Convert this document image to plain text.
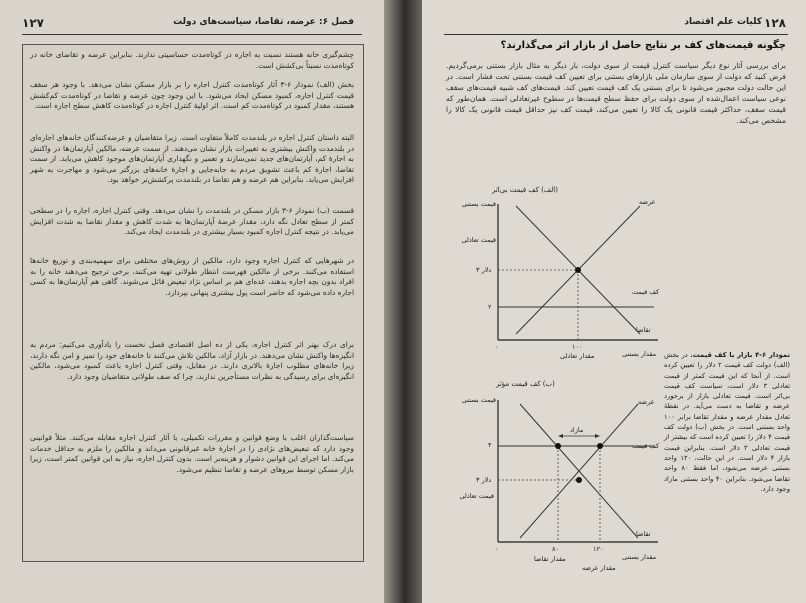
۱۲۷	فصل ۶: عرضه، تقاضا، سیاست‌های دولت
چشم‌گیری خانه هستند نسبت به اجاره در کوتاه‌مدت حساسیتی ندارند. بنابراین عرضه و تقاضای خانه در کوتاه‌مدت نسبتاً بی‌کشش است.
بخش (الف) نمودار ۶-۳ آثار کوتاه‌مدت کنترل اجاره را بر بازار مسکن نشان می‌دهد. با وجود هر سقف قیمت کنترل اجاره، کمبود مسکن ایجاد می‌شود. با این وجود چون عرضه و تقاضا در کوتاه‌مدت کم‌کشش هستند، مقدار کمبود در کوتاه‌مدت کم است. اثر اولیهٔ کنترل اجاره در کوتاه‌مدت کاهش سطح اجاره است.
البته داستان کنترل اجاره در بلندمدت کاملاً متفاوت است. زیرا متقاضیان و عرضه‌کنندگان خانه‌های اجاره‌ای در بلندمدت واکنش بیشتری به تغییرات بازار نشان می‌دهند. از سمت عرضه، مالکین آپارتمان‌ها در واکنش به اجارهٔ کم، آپارتمان‌های جدید نمی‌سازند و تعمیر و نگهداری آپارتمان‌های موجود کاهش می‌یابد. از سمت تقاضا، اجارهٔ کم باعث تشویق مردم به جابه‌جایی و اجارهٔ خانه‌های بزرگتر می‌شود و مهاجرت به شهر افزایش می‌یابد. بنابراین هم عرضه و هم تقاضا در بلندمدت پرکشش‌تر خواهد بود.
قسمت (ب) نمودار ۶-۳ بازار مسکن در بلندمدت را نشان می‌دهد. وقتی کنترل اجاره، اجاره را در سطحی کمتر از سطح تعادل نگه دارد، مقدار عرضهٔ آپارتمان‌ها به شدت کاهش و مقدار تقاضا به شدت افزایش می‌یابد. در نتیجه کنترل اجاره کمبود بسیار بیشتری در بلندمدت ایجاد می‌کند.
در شهرهایی که کنترل اجاره وجود دارد، مالکین از روش‌های مختلفی برای سهمیه‌بندی و توزیع خانه‌ها استفاده می‌کنند. برخی از مالکین فهرست انتظار طولانی تهیه می‌کنند، برخی ترجیح می‌دهند خانه را به افراد بدون بچه اجاره بدهند، عده‌ای هم بر اساس نژاد تبعیض قائل می‌شوند. گاهی هم آپارتمان‌ها به کسی اجاره داده می‌شود که حاضر است پول بیشتری پنهانی بپردازد.
برای درک بهتر اثر کنترل اجاره، یکی از ده اصل اقتصادی فصل نخست را یادآوری می‌کنیم: مردم به انگیزه‌ها واکنش نشان می‌دهند. در بازار آزاد، مالکین تلاش می‌کنند تا خانه‌های خود را تمیز و امن نگه دارند، زیرا خانه‌های مطلوب اجارهٔ بالاتری دارند. در مقابل، وقتی کنترل اجاره باعث کمبود می‌شود، مالکین انگیزه‌ای برای رسیدگی به نظرات مستأجرین ندارند، چرا که صف طولانی متقاضیان وجود دارد.
سیاست‌گذاران اغلب با وضع قوانین و مقررات تکمیلی، با آثار کنترل اجاره مقابله می‌کنند. مثلاً قوانینی وجود دارد که تبعیض‌های نژادی را در اجارهٔ خانه غیرقانونی می‌داند و مالکین را ملزم به حداقل خدمات می‌کند. اما اجرای این قوانین دشوار و هزینه‌بر است. بدون کنترل اجاره، نیاز به این قوانین کمتر است، زیرا بازار مسکن توسط نیروهای عرضه و تقاضا تنظیم می‌شود.
۱۲۸
کلیات علم اقتصاد
چگونه قیمت‌های کف بر نتایج حاصل از بازار اثر می‌گذارند؟
برای بررسی آثار نوع دیگر سیاست کنترل قیمت از سوی دولت، بار دیگر به مثال بازار بستنی برمی‌گردیم. فرض کنید که دولت از سوی سازمان ملی بازارهای بستنی برای تعیین کف قیمت بستنی تحت فشار است. در این حالت دولت مجبور می‌شود تا برای بستنی یک کف قیمت تعیین کند. قیمت‌های کف شبیه قیمت‌های سقف نوعی سیاست اعمال‌شده از سوی دولت برای حفظ سطح قیمت‌ها در سطوح غیرتعادلی است. همان‌طور که قیمت سقف، حداکثر قیمت قانونی یک کالا را تعیین می‌کند، قیمت کف نیز حداقل قیمت قانونی یک کالا را مشخص می‌کند.
(الف) کف قیمت بی‌اثر
قیمت بستنی
قیمت تعادلی
۳ دلار
۲
عرضه
تقاضا
کف قیمت
۰	۱۰۰
مقدار تعادلی	مقدار بستنی
(ب) کف قیمت مؤثر
قیمت بستنی
۴
۳ دلار
قیمت تعادلی
مازاد
عرضه
تقاضا
کف قیمت
۰	۸۰	۱۲۰
مقدار تقاضا
مقدار عرضه
مقدار بستنی
نمودار ۶-۴ بازار با کف قیمت. در بخش (الف) دولت کف قیمت ۲ دلار را تعیین کرده است. از آنجا که این قیمت کمتر از قیمت تعادلی ۳ دلار است، سیاست کف قیمت بی‌اثر است. قیمت تعادلی بازار از برخورد عرضه و تقاضا به دست می‌آید. در نقطهٔ تعادل مقدار عرضه و مقدار تقاضا برابر ۱۰۰ واحد بستنی است. در بخش (ب) دولت کف قیمت ۴ دلار را تعیین کرده است که بیشتر از قیمت تعادلی ۳ دلار است. بنابراین قیمت بازار ۴ دلار است. در این حالت، ۱۲۰ واحد بستنی عرضه می‌شود، اما فقط ۸۰ واحد تقاضا می‌شود. بنابراین ۴۰ واحد بستنی مازاد وجود دارد.
